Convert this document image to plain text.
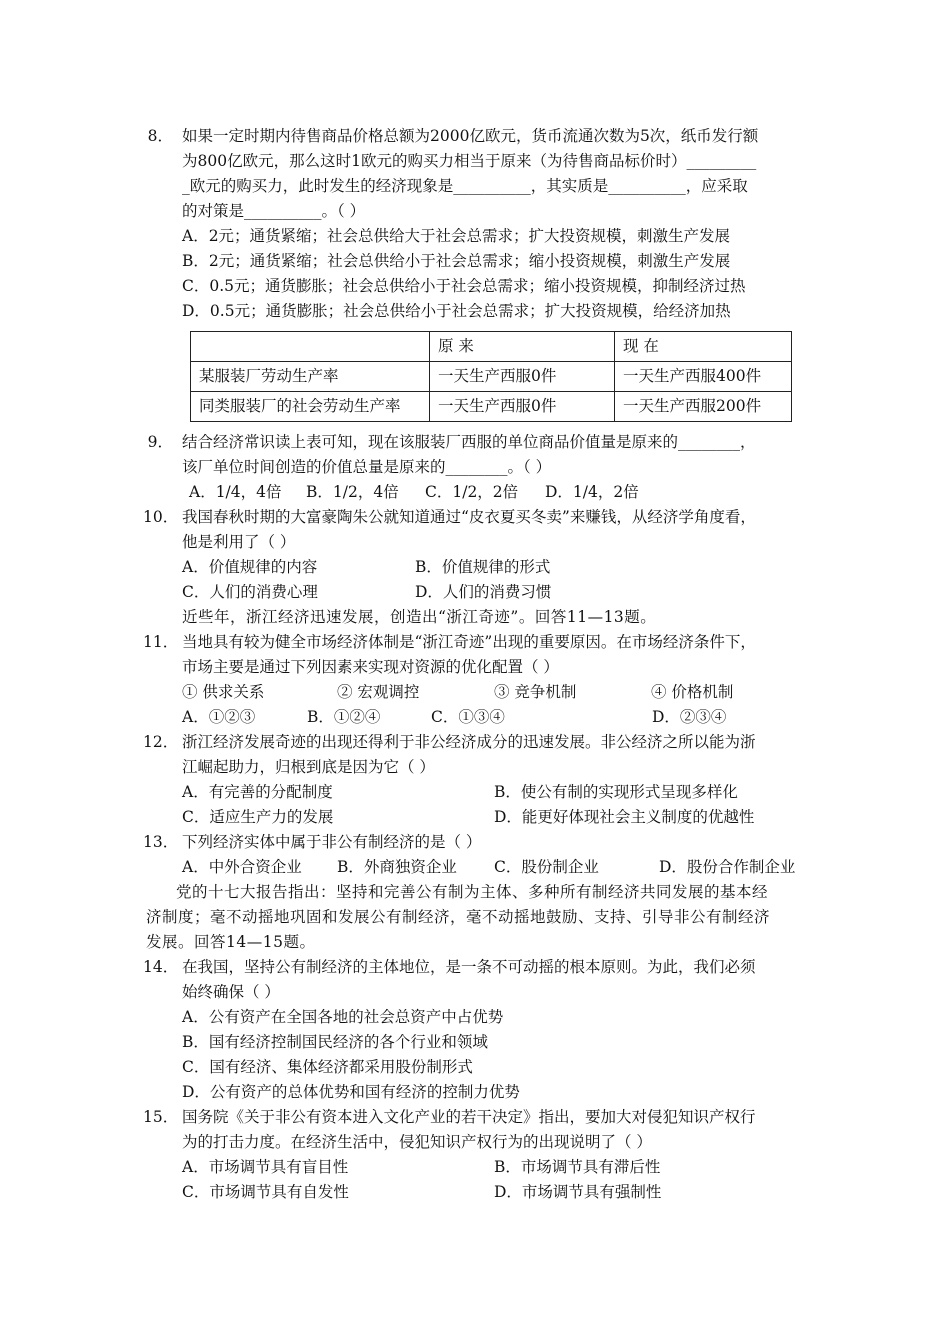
8． 如果一定时期内待售商品价格总额为2000亿欧元，货币流通次数为5次，纸币发行额
为800亿欧元，那么这时1欧元的购买力相当于原来（为待售商品标价时）_________
_欧元的购买力，此时发生的经济现象是__________，其实质是__________，应采取
的对策是__________。（ ）
A．2元；通货紧缩；社会总供给大于社会总需求；扩大投资规模，刺激生产发展
B．2元；通货紧缩；社会总供给小于社会总需求；缩小投资规模，刺激生产发展
C．0.5元；通货膨胀；社会总供给小于社会总需求；缩小投资规模，抑制经济过热
D．0.5元；通货膨胀；社会总供给小于社会总需求；扩大投资规模，给经济加热
	原 来	现 在
某服装厂劳动生产率	一天生产西服0件	一天生产西服400件
同类服装厂的社会劳动生产率	一天生产西服0件	一天生产西服200件
9． 结合经济常识读上表可知，现在该服装厂西服的单位商品价值量是原来的________，
该厂单位时间创造的价值总量是原来的________。（ ）
A．1/4，4倍 B．1/2，4倍 C．1/2，2倍 D．1/4，2倍
10． 我国春秋时期的大富豪陶朱公就知道通过“皮衣夏买冬卖”来赚钱，从经济学角度看，
他是利用了（ ）
A．价值规律的内容	B．价值规律的形式
C．人们的消费心理	D．人们的消费习惯
近些年，浙江经济迅速发展，创造出“浙江奇迹”。回答11—13题。
11． 当地具有较为健全市场经济体制是“浙江奇迹”出现的重要原因。在市场经济条件下，
市场主要是通过下列因素来实现对资源的优化配置（ ）
① 供求关系	② 宏观调控	③ 竞争机制	④ 价格机制
A．①②③	B．①②④	C．①③④	D．②③④
12． 浙江经济发展奇迹的出现还得利于非公经济成分的迅速发展。非公经济之所以能为浙
江崛起助力，归根到底是因为它（ ）
A．有完善的分配制度	B．使公有制的实现形式呈现多样化
C．适应生产力的发展	D．能更好体现社会主义制度的优越性
13． 下列经济实体中属于非公有制经济的是（ ）
A．中外合资企业 B．外商独资企业 C．股份制企业	D．股份合作制企业
党的十七大报告指出：坚持和完善公有制为主体、多种所有制经济共同发展的基本经
济制度；毫不动摇地巩固和发展公有制经济，毫不动摇地鼓励、支持、引导非公有制经济
发展。回答14—15题。
14． 在我国，坚持公有制经济的主体地位，是一条不可动摇的根本原则。为此，我们必须
始终确保（ ）
A．公有资产在全国各地的社会总资产中占优势
B．国有经济控制国民经济的各个行业和领域
C．国有经济、集体经济都采用股份制形式
D．公有资产的总体优势和国有经济的控制力优势
15． 国务院《关于非公有资本进入文化产业的若干决定》指出，要加大对侵犯知识产权行
为的打击力度。在经济生活中，侵犯知识产权行为的出现说明了（ ）
A．市场调节具有盲目性	B．市场调节具有滞后性
C．市场调节具有自发性	D．市场调节具有强制性
